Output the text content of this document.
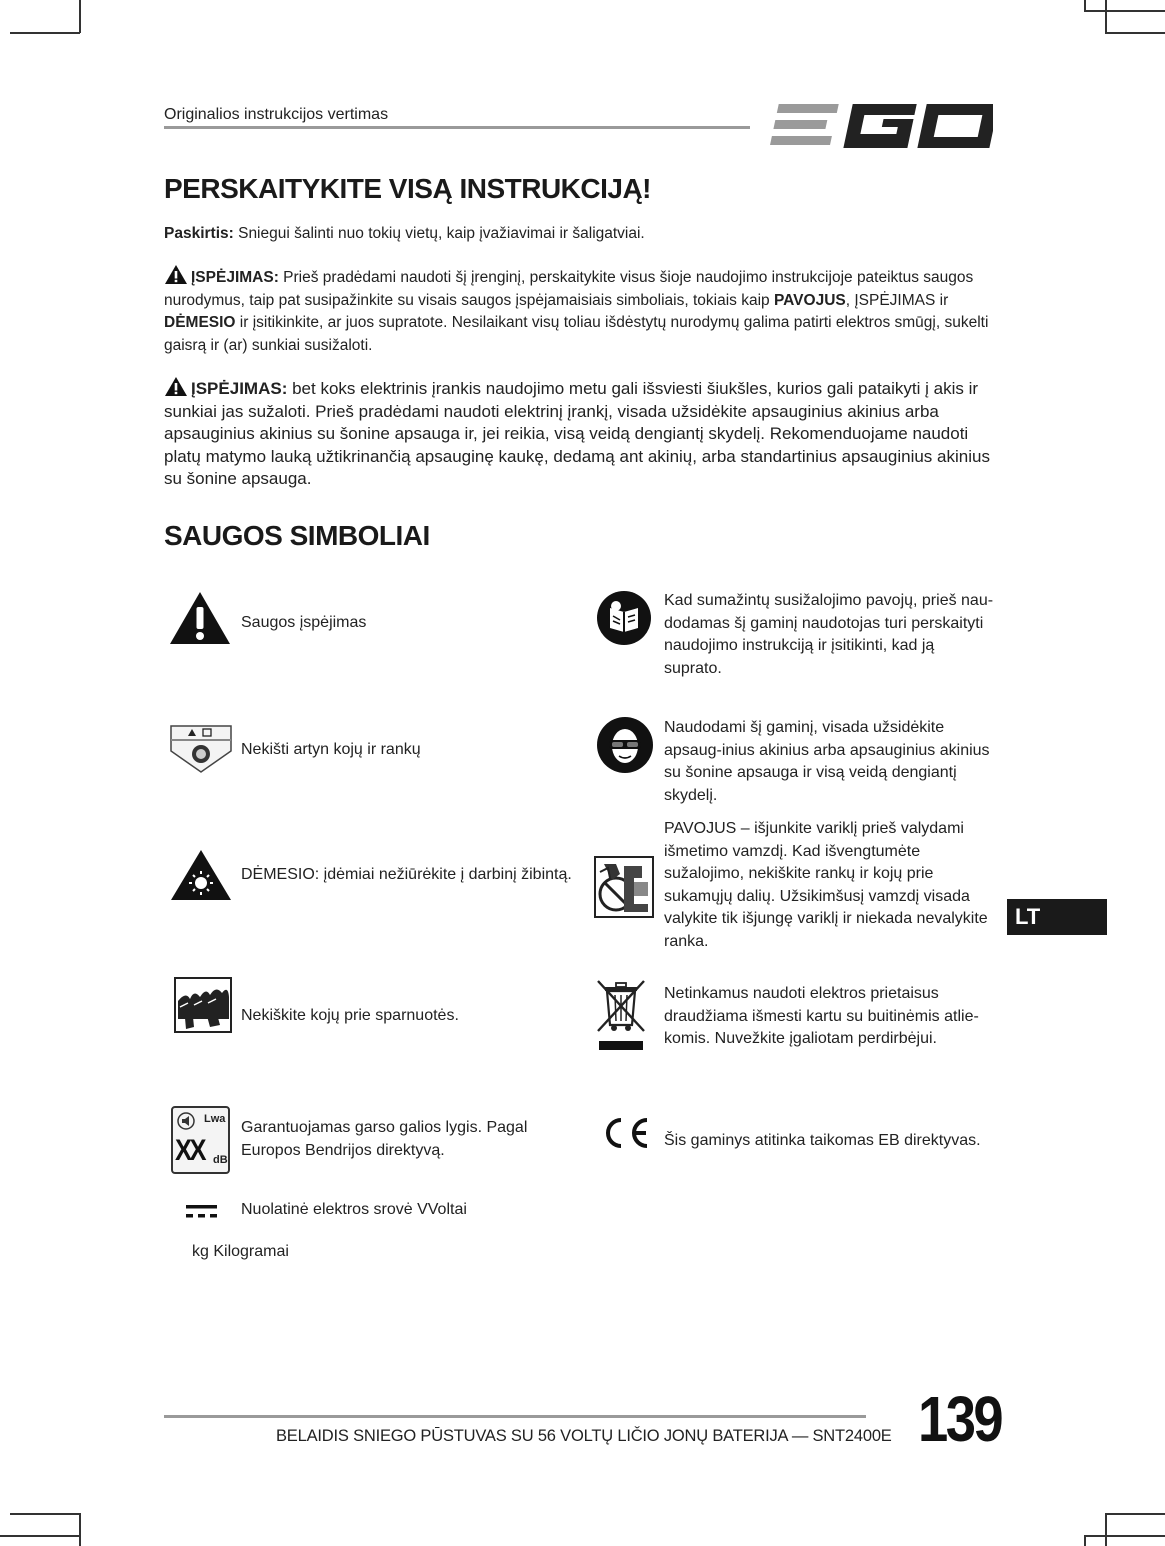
Originalios instrukcijos vertimas
PERSKAITYKITE VISĄ INSTRUKCIJĄ!
Paskirtis: Sniegui šalinti nuo tokių vietų, kaip įvažiavimai ir šaligatviai.
ĮSPĖJIMAS: Prieš pradėdami naudoti šį įrenginį, perskaitykite visus šioje naudojimo instrukcijoje pateiktus saugos nurodymus, taip pat susipažinkite su visais saugos įspėjamaisiais simboliais, tokiais kaip PAVOJUS, ĮSPĖJIMAS ir DĖMESIO ir įsitikinkite, ar juos supratote. Nesilaikant visų toliau išdėstytų nurodymų galima patirti elektros smūgį, sukelti gaisrą ir (ar) sunkiai susižaloti.
ĮSPĖJIMAS: bet koks elektrinis įrankis naudojimo metu gali išsviesti šiukšles, kurios gali pataikyti į akis ir sunkiai jas sužaloti. Prieš pradėdami naudoti elektrinį įrankį, visada užsidėkite apsauginius akinius arba apsauginius akinius su šonine apsauga ir, jei reikia, visą veidą dengiantį skydelį. Rekomenduojame naudoti platų matymo lauką užtikrinančią apsauginę kaukę, dedamą ant akinių, arba standartinius apsauginius akinius su šonine apsauga.
SAUGOS SIMBOLIAI
Saugos įspėjimas
Kad sumažintų susižalojimo pavojų, prieš nau-dodamas šį gaminį naudotojas turi perskaityti naudojimo instrukciją ir įsitikinti, kad ją suprato.
Nekišti artyn kojų ir rankų
Naudodami šį gaminį, visada užsidėkite apsaug-inius akinius arba apsauginius akinius su šonine apsauga ir visą veidą dengiantį skydelį.
DĖMESIO: įdėmiai nežiūrėkite į darbinį žibintą.
PAVOJUS – išjunkite variklį prieš valydami išmetimo vamzdį. Kad išvengtumėte sužalojimo, nekiškite rankų ir kojų prie sukamųjų dalių. Užsikimšusį vamzdį visada valykite tik išjungę variklį ir niekada nevalykite ranka.
LT
Nekiškite kojų prie sparnuotės.
Netinkamus naudoti elektros prietaisus draudžiama išmesti kartu su buitinėmis atlie-komis. Nuvežkite įgaliotam perdirbėjui.
Lwa
XX dB
Garantuojamas garso galios lygis. Pagal Europos Bendrijos direktyvą.
Šis gaminys atitinka taikomas EB direktyvas.
Nuolatinė elektros srovė VVoltai
kg Kilogramai
BELAIDIS SNIEGO PŪSTUVAS SU 56 VOLTŲ LIČIO JONŲ BATERIJA — SNT2400E 139
